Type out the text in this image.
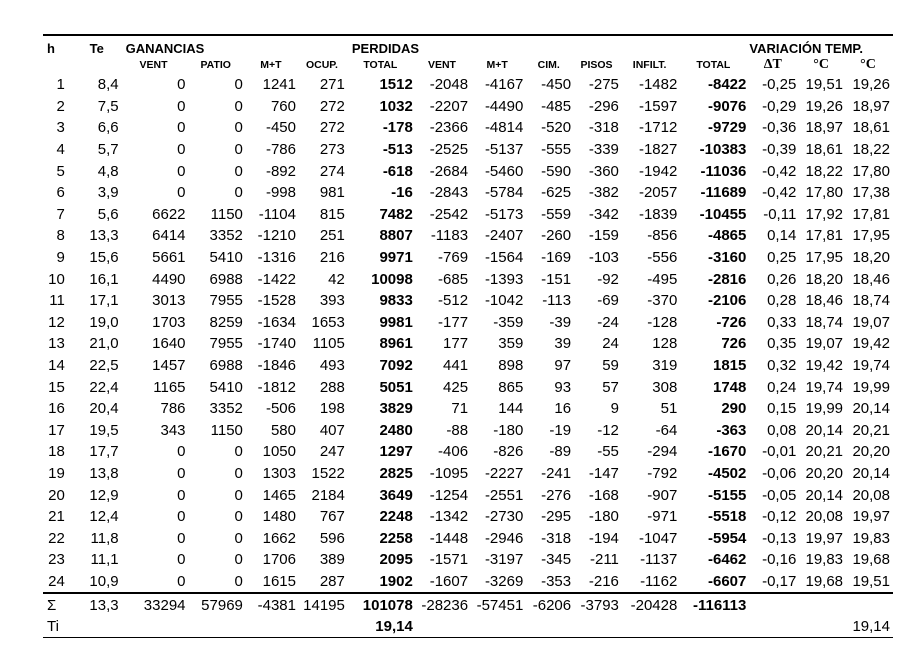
h	Te	GANANCIAS				PERDIDAS							VARIACIÓN TEMP.		
		VENT	PATIO	M+T	OCUP.	TOTAL	VENT	M+T	CIM.	PISOS	INFILT.	TOTAL	ΔT	°C	°C
1	8,4	0	0	1241	271	1512	-2048	-4167	-450	-275	-1482	-8422	-0,25	19,51	19,26
2	7,5	0	0	760	272	1032	-2207	-4490	-485	-296	-1597	-9076	-0,29	19,26	18,97
3	6,6	0	0	-450	272	-178	-2366	-4814	-520	-318	-1712	-9729	-0,36	18,97	18,61
4	5,7	0	0	-786	273	-513	-2525	-5137	-555	-339	-1827	-10383	-0,39	18,61	18,22
5	4,8	0	0	-892	274	-618	-2684	-5460	-590	-360	-1942	-11036	-0,42	18,22	17,80
6	3,9	0	0	-998	981	-16	-2843	-5784	-625	-382	-2057	-11689	-0,42	17,80	17,38
7	5,6	6622	1150	-1104	815	7482	-2542	-5173	-559	-342	-1839	-10455	-0,11	17,92	17,81
8	13,3	6414	3352	-1210	251	8807	-1183	-2407	-260	-159	-856	-4865	0,14	17,81	17,95
9	15,6	5661	5410	-1316	216	9971	-769	-1564	-169	-103	-556	-3160	0,25	17,95	18,20
10	16,1	4490	6988	-1422	42	10098	-685	-1393	-151	-92	-495	-2816	0,26	18,20	18,46
11	17,1	3013	7955	-1528	393	9833	-512	-1042	-113	-69	-370	-2106	0,28	18,46	18,74
12	19,0	1703	8259	-1634	1653	9981	-177	-359	-39	-24	-128	-726	0,33	18,74	19,07
13	21,0	1640	7955	-1740	1105	8961	177	359	39	24	128	726	0,35	19,07	19,42
14	22,5	1457	6988	-1846	493	7092	441	898	97	59	319	1815	0,32	19,42	19,74
15	22,4	1165	5410	-1812	288	5051	425	865	93	57	308	1748	0,24	19,74	19,99
16	20,4	786	3352	-506	198	3829	71	144	16	9	51	290	0,15	19,99	20,14
17	19,5	343	1150	580	407	2480	-88	-180	-19	-12	-64	-363	0,08	20,14	20,21
18	17,7	0	0	1050	247	1297	-406	-826	-89	-55	-294	-1670	-0,01	20,21	20,20
19	13,8	0	0	1303	1522	2825	-1095	-2227	-241	-147	-792	-4502	-0,06	20,20	20,14
20	12,9	0	0	1465	2184	3649	-1254	-2551	-276	-168	-907	-5155	-0,05	20,14	20,08
21	12,4	0	0	1480	767	2248	-1342	-2730	-295	-180	-971	-5518	-0,12	20,08	19,97
22	11,8	0	0	1662	596	2258	-1448	-2946	-318	-194	-1047	-5954	-0,13	19,97	19,83
23	11,1	0	0	1706	389	2095	-1571	-3197	-345	-211	-1137	-6462	-0,16	19,83	19,68
24	10,9	0	0	1615	287	1902	-1607	-3269	-353	-216	-1162	-6607	-0,17	19,68	19,51
Σ	13,3	33294	57969	-4381	14195	101078	-28236	-57451	-6206	-3793	-20428	-116113			
Ti						19,14									19,14
